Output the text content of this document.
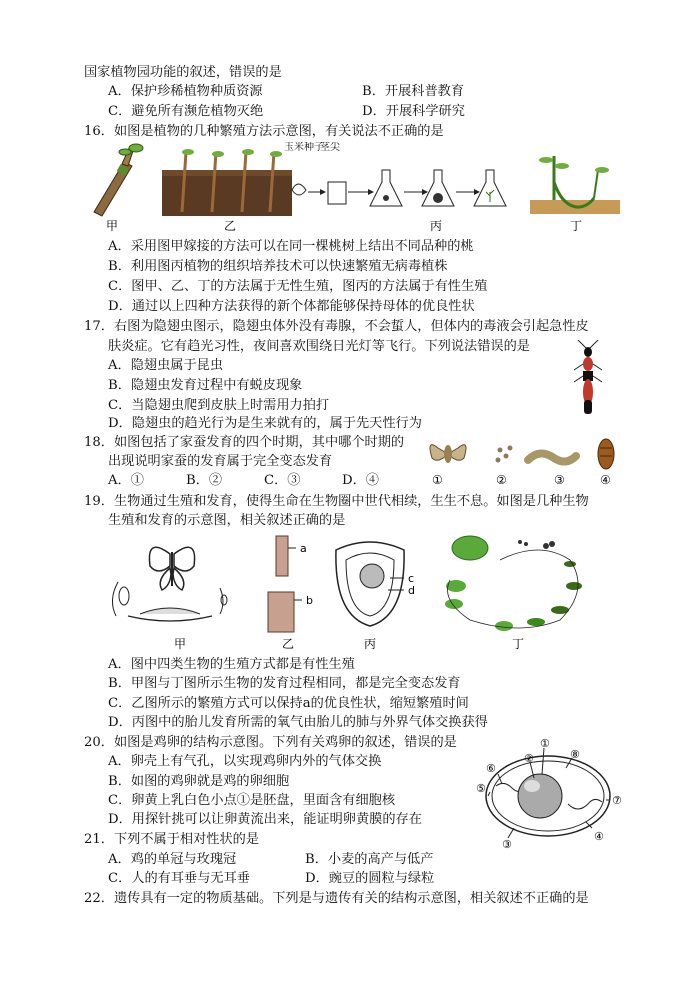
国家植物园功能的叙述，错误的是
A．保护珍稀植物种质资源	B．开展科普教育
C．避免所有濒危植物灭绝	D．开展科学研究
16．如图是植物的几种繁殖方法示意图，有关说法不正确的是
玉米种子
茎尖
甲	乙	丙	丁
A．采用图甲嫁接的方法可以在同一棵桃树上结出不同品种的桃
B．利用图丙植物的组织培养技术可以快速繁殖无病毒植株
C．图甲、乙、丁的方法属于无性生殖，图丙的方法属于有性生殖
D．通过以上四种方法获得的新个体都能够保持母体的优良性状
17．右图为隐翅虫图示，隐翅虫体外没有毒腺，不会蜇人，但体内的毒液会引起急性皮
肤炎症。它有趋光习性，夜间喜欢围绕日光灯等飞行。下列说法错误的是
A．隐翅虫属于昆虫
B．隐翅虫发育过程中有蜕皮现象
C．当隐翅虫爬到皮肤上时需用力拍打
D．隐翅虫的趋光行为是生来就有的，属于先天性行为
18．如图包括了家蚕发育的四个时期，其中哪个时期的
出现说明家蚕的发育属于完全变态发育
A．①	B．②	C．③	D．④	①	②	③	④
19．生物通过生殖和发育，使得生命在生物圈中世代相续，生生不息。如图是几种生物
生殖和发育的示意图，相关叙述正确的是
a
b
c
d
甲	乙	丙	丁
A．图中四类生物的生殖方式都是有性生殖
B．甲图与丁图所示生物的发育过程相同，都是完全变态发育
C．乙图所示的繁殖方式可以保持a的优良性状，缩短繁殖时间
D．丙图中的胎儿发育所需的氧气由胎儿的肺与外界气体交换获得
20．如图是鸡卵的结构示意图。下列有关鸡卵的叙述，错误的是
A．卵壳上有气孔，以实现鸡卵内外的气体交换
B．如图的鸡卵就是鸡的卵细胞
C．卵黄上乳白色小点①是胚盘，里面含有细胞核
D．用探针挑可以让卵黄流出来，能证明卵黄膜的存在
①
②
③
④
⑤
⑥
⑦
⑧
21．下列不属于相对性状的是
A．鸡的单冠与玫瑰冠	B．小麦的高产与低产
C．人的有耳垂与无耳垂	D．豌豆的圆粒与绿粒
22．遗传具有一定的物质基础。下列是与遗传有关的结构示意图，相关叙述不正确的是
